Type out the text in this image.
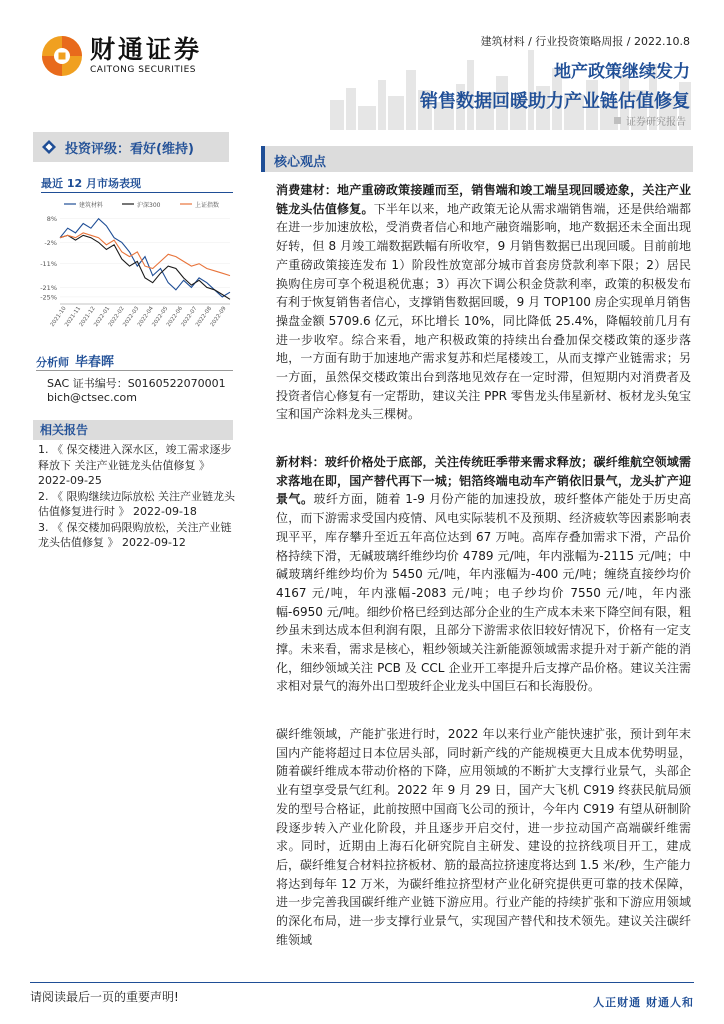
财通证券
CAITONG SECURITIES
建筑材料 / 行业投资策略周报 / 2022.10.8
地产政策继续发力
销售数据回暖助力产业链估值修复
证券研究报告
投资评级：看好(维持)
最近 12 月市场表现
建筑材料	沪深300	上证指数
8%
-2%
-11%
-21%
-25%
2021-10
2021-11
2021-12
2022-01
2022-02
2022-03
2022-04
2022-05
2022-06
2022-07
2022-08
2022-09
分析师 毕春晖
SAC 证书编号：S0160522070001
bich@ctsec.com
相关报告
1. 《 保交楼进入深水区，竣工需求逐步释放下 关注产业链龙头估值修复 》 2022-09-25
2. 《 限购继续边际放松 关注产业链龙头估值修复进行时 》 2022-09-18
3. 《 保交楼加码限购放松，关注产业链龙头估值修复 》 2022-09-12
核心观点
消费建材：地产重磅政策接踵而至，销售端和竣工端呈现回暖迹象，关注产业链龙头估值修复。下半年以来，地产政策无论从需求端销售端，还是供给端都在进一步加速放松，受消费者信心和地产融资端影响，地产数据还未全面出现好转，但 8 月竣工端数据跌幅有所收窄，9 月销售数据已出现回暖。目前前地产重磅政策接连发布 1）阶段性放宽部分城市首套房贷款利率下限；2）居民换购住房可享个税退税优惠；3）再次下调公积金贷款利率，政策的积极发布有利于恢复销售者信心，支撑销售数据回暖，9 月 TOP100 房企实现单月销售操盘金额 5709.6 亿元，环比增长 10%，同比降低 25.4%，降幅较前几月有进一步收窄。综合来看，地产积极政策的持续出台叠加保交楼政策的逐步落地，一方面有助于加速地产需求复苏和烂尾楼竣工，从而支撑产业链需求；另一方面，虽然保交楼政策出台到落地见效存在一定时滞，但短期内对消费者及投资者信心修复有一定帮助，建议关注 PPR 零售龙头伟星新材、板材龙头兔宝宝和国产涂料龙头三棵树。
新材料：玻纤价格处于底部，关注传统旺季带来需求释放；碳纤维航空领域需求落地在即，国产替代再下一城；铝箔终端电动车产销依旧景气，龙头扩产迎景气。玻纤方面，随着 1-9 月份产能的加速投放，玻纤整体产能处于历史高位，而下游需求受国内疫情、风电实际装机不及预期、经济疲软等因素影响表现平平，库存攀升至近五年高位达到 67 万吨。高库存叠加需求下滑，产品价格持续下滑，无碱玻璃纤维纱均价 4789 元/吨，年内涨幅为-2115 元/吨；中碱玻璃纤维纱均价为 5450 元/吨，年内涨幅为-400 元/吨；缠绕直接纱均价 4167 元/吨，年内涨幅-2083 元/吨；电子纱均价 7550 元/吨，年内涨幅-6950 元/吨。细纱价格已经到达部分企业的生产成本未来下降空间有限，粗纱虽未到达成本但利润有限，且部分下游需求依旧较好情况下，价格有一定支撑。未来看，需求是核心，粗纱领域关注新能源领域需求提升对于新产能的消化，细纱领域关注 PCB 及 CCL 企业开工率提升后支撑产品价格。建议关注需求相对景气的海外出口型玻纤企业龙头中国巨石和长海股份。
碳纤维领域，产能扩张进行时，2022 年以来行业产能快速扩张，预计到年末国内产能将超过日本位居头部，同时新产线的产能规模更大且成本优势明显，随着碳纤维成本带动价格的下降，应用领域的不断扩大支撑行业景气，头部企业有望享受景气红利。2022 年 9 月 29 日，国产大飞机 C919 终获民航局颁发的型号合格证，此前按照中国商飞公司的预计，今年内 C919 有望从研制阶段逐步转入产业化阶段，并且逐步开启交付，进一步拉动国产高端碳纤维需求。同时，近期由上海石化研究院自主研发、建设的拉挤线项目开工，建成后，碳纤维复合材料拉挤板材、筋的最高拉挤速度将达到 1.5 米/秒，生产能力将达到每年 12 万米，为碳纤维拉挤型材产业化研究提供更可靠的技术保障，进一步完善我国碳纤维产业链下游应用。行业产能的持续扩张和下游应用领域的深化布局，进一步支撑行业景气，实现国产替代和技术领先。建议关注碳纤维领域
请阅读最后一页的重要声明!	人正财通 财通人和
